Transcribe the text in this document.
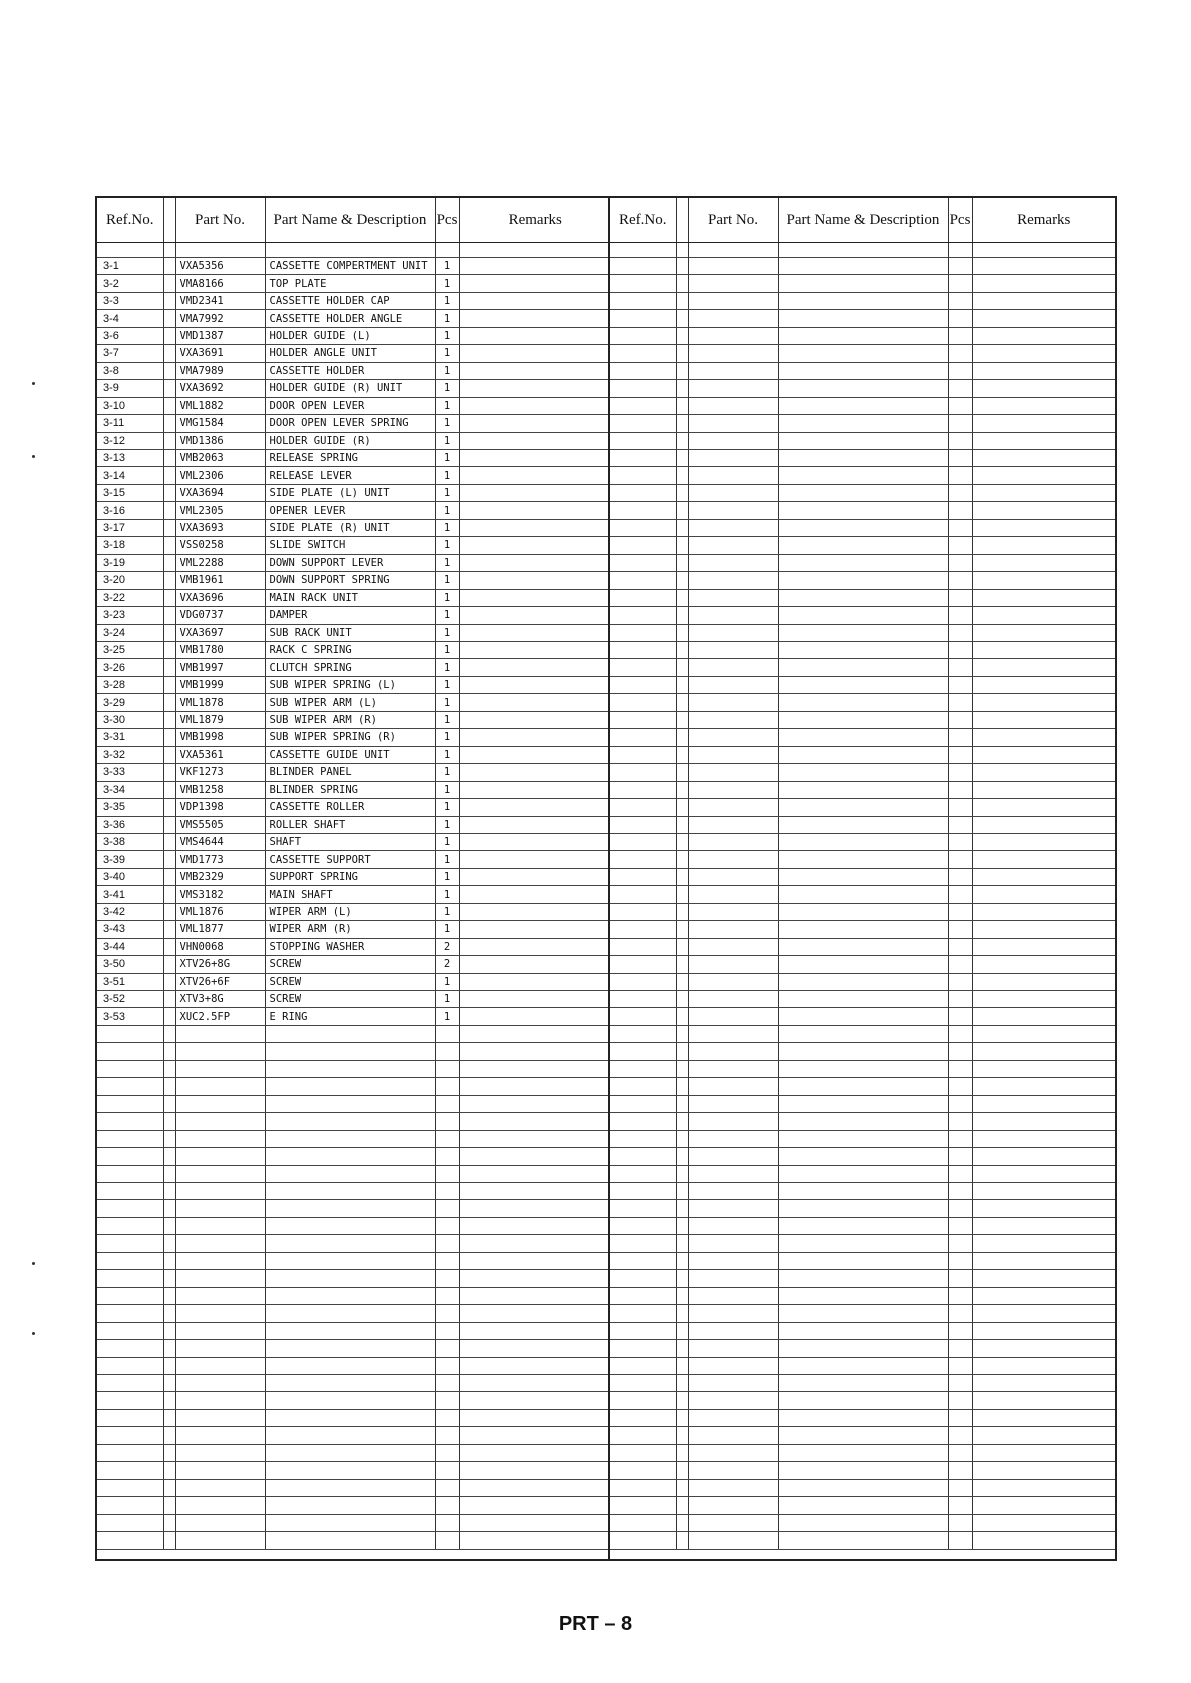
Ref.No.		Part No.	Part Name & Description	Pcs	Remarks

3-1		VXA5356	CASSETTE COMPERTMENT UNIT	1	
3-2		VMA8166	TOP PLATE	1	
3-3		VMD2341	CASSETTE HOLDER CAP	1	
3-4		VMA7992	CASSETTE HOLDER ANGLE	1	
3-6		VMD1387	HOLDER GUIDE (L)	1	
3-7		VXA3691	HOLDER ANGLE UNIT	1	
3-8		VMA7989	CASSETTE HOLDER	1	
3-9		VXA3692	HOLDER GUIDE (R) UNIT	1	
3-10		VML1882	DOOR OPEN LEVER	1	
3-11		VMG1584	DOOR OPEN LEVER SPRING	1	
3-12		VMD1386	HOLDER GUIDE (R)	1	
3-13		VMB2063	RELEASE SPRING	1	
3-14		VML2306	RELEASE LEVER	1	
3-15		VXA3694	SIDE PLATE (L) UNIT	1	
3-16		VML2305	OPENER LEVER	1	
3-17		VXA3693	SIDE PLATE (R) UNIT	1	
3-18		VSS0258	SLIDE SWITCH	1	
3-19		VML2288	DOWN SUPPORT LEVER	1	
3-20		VMB1961	DOWN SUPPORT SPRING	1	
3-22		VXA3696	MAIN RACK UNIT	1	
3-23		VDG0737	DAMPER	1	
3-24		VXA3697	SUB RACK UNIT	1	
3-25		VMB1780	RACK C SPRING	1	
3-26		VMB1997	CLUTCH SPRING	1	
3-28		VMB1999	SUB WIPER SPRING (L)	1	
3-29		VML1878	SUB WIPER ARM (L)	1	
3-30		VML1879	SUB WIPER ARM (R)	1	
3-31		VMB1998	SUB WIPER SPRING (R)	1	
3-32		VXA5361	CASSETTE GUIDE UNIT	1	
3-33		VKF1273	BLINDER PANEL	1	
3-34		VMB1258	BLINDER SPRING	1	
3-35		VDP1398	CASSETTE ROLLER	1	
3-36		VMS5505	ROLLER SHAFT	1	
3-38		VMS4644	SHAFT	1	
3-39		VMD1773	CASSETTE SUPPORT	1	
3-40		VMB2329	SUPPORT SPRING	1	
3-41		VMS3182	MAIN SHAFT	1	
3-42		VML1876	WIPER ARM (L)	1	
3-43		VML1877	WIPER ARM (R)	1	
3-44		VHN0068	STOPPING WASHER	2	
3-50		XTV26+8G	SCREW	2	
3-51		XTV26+6F	SCREW	1	
3-52		XTV3+8G	SCREW	1	
3-53		XUC2.5FP	E RING	1	

Ref.No.		Part No.	Part Name & Description	Pcs	Remarks

PRT – 8
